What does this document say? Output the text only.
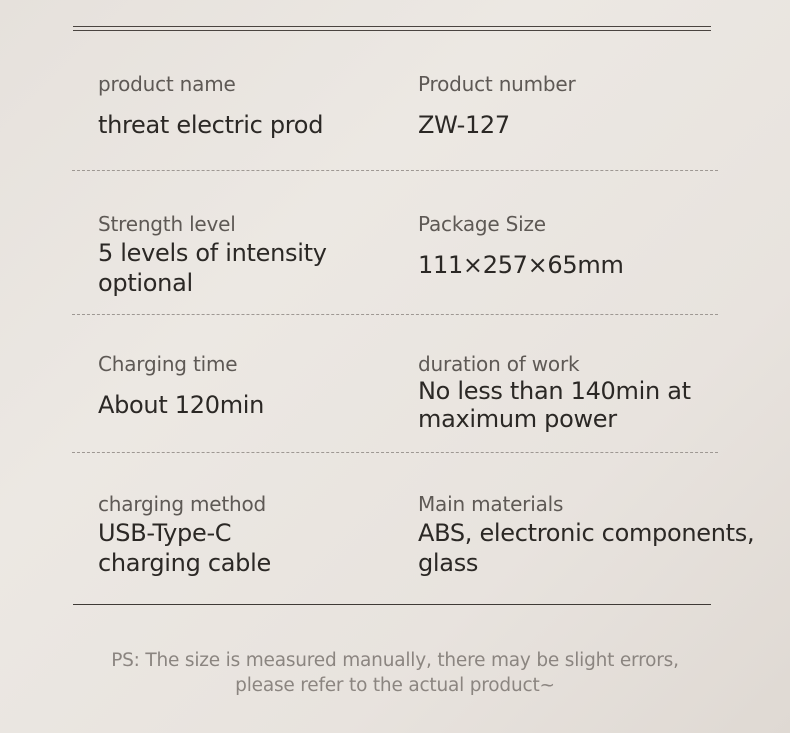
product name
threat electric prod
Product number
ZW-127
Strength level
5 levels of intensity
optional
Package Size
111×257×65mm
Charging time
About 120min
duration of work
No less than 140min at
maximum power
charging method
USB-Type-C
charging cable
Main materials
ABS, electronic components,
glass
PS: The size is measured manually, there may be slight errors,
please refer to the actual product~
